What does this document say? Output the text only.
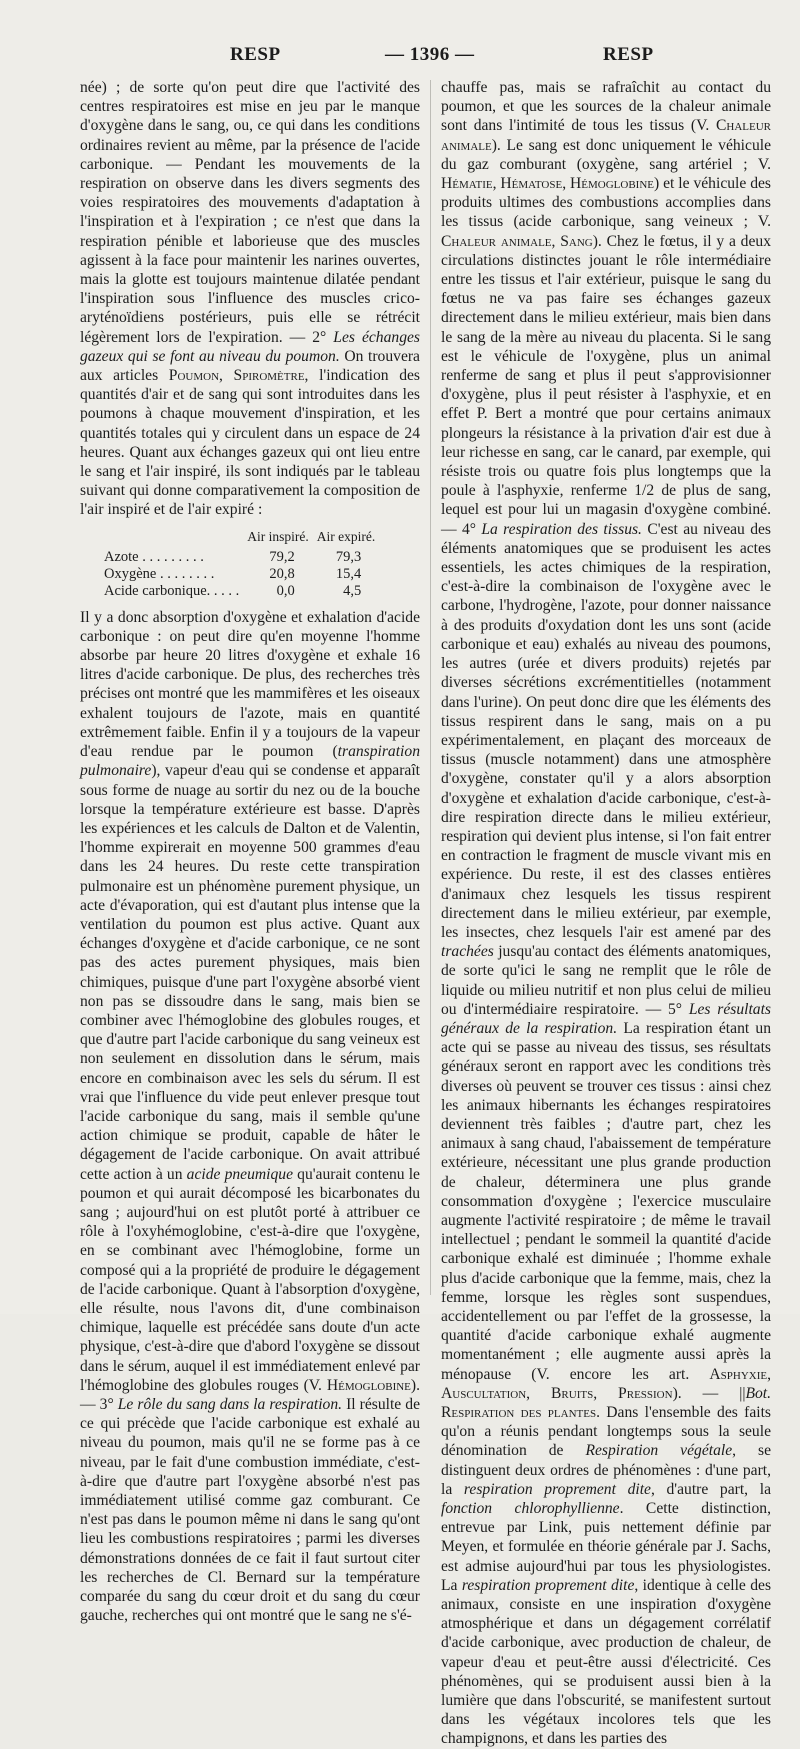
RESP	— 1396 —	RESP

née) ; de sorte qu'on peut dire que l'activité des centres respiratoires est mise en jeu par le manque d'oxygène dans le sang, ou, ce qui dans les conditions ordinaires revient au même, par la présence de l'acide carbonique. — Pendant les mouvements de la respiration on observe dans les divers segments des voies respiratoires des mouvements d'adaptation à l'inspiration et à l'expiration ; ce n'est que dans la respiration pénible et laborieuse que des muscles agissent à la face pour maintenir les narines ouvertes, mais la glotte est toujours maintenue dilatée pendant l'inspiration sous l'influence des muscles crico-aryténoïdiens postérieurs, puis elle se rétrécit légèrement lors de l'expiration. — 2° Les échanges gazeux qui se font au niveau du poumon. On trouvera aux articles Poumon, Spiromètre, l'indication des quantités d'air et de sang qui sont introduites dans les poumons à chaque mouvement d'inspiration, et les quantités totales qui y circulent dans un espace de 24 heures. Quant aux échanges gazeux qui ont lieu entre le sang et l'air inspiré, ils sont indiqués par le tableau suivant qui donne comparativement la composition de l'air inspiré et de l'air expiré :

	Air inspiré.	Air expiré.
Azote . . . . . . . . .	79,2	79,3
Oxygène . . . . . . . .	20,8	15,4
Acide carbonique. . . . .	0,0	4,5

Il y a donc absorption d'oxygène et exhalation d'acide carbonique : on peut dire qu'en moyenne l'homme absorbe par heure 20 litres d'oxygène et exhale 16 litres d'acide carbonique. De plus, des recherches très précises ont montré que les mammifères et les oiseaux exhalent toujours de l'azote, mais en quantité extrêmement faible. Enfin il y a toujours de la vapeur d'eau rendue par le poumon (transpiration pulmonaire), vapeur d'eau qui se condense et apparaît sous forme de nuage au sortir du nez ou de la bouche lorsque la température extérieure est basse. D'après les expériences et les calculs de Dalton et de Valentin, l'homme expirerait en moyenne 500 grammes d'eau dans les 24 heures. Du reste cette transpiration pulmonaire est un phénomène purement physique, un acte d'évaporation, qui est d'autant plus intense que la ventilation du poumon est plus active. Quant aux échanges d'oxygène et d'acide carbonique, ce ne sont pas des actes purement physiques, mais bien chimiques, puisque d'une part l'oxygène absorbé vient non pas se dissoudre dans le sang, mais bien se combiner avec l'hémoglobine des globules rouges, et que d'autre part l'acide carbonique du sang veineux est non seulement en dissolution dans le sérum, mais encore en combinaison avec les sels du sérum. Il est vrai que l'influence du vide peut enlever presque tout l'acide carbonique du sang, mais il semble qu'une action chimique se produit, capable de hâter le dégagement de l'acide carbonique. On avait attribué cette action à un acide pneumique qu'aurait contenu le poumon et qui aurait décomposé les bicarbonates du sang ; aujourd'hui on est plutôt porté à attribuer ce rôle à l'oxyhémoglobine, c'est-à-dire que l'oxygène, en se combinant avec l'hémoglobine, forme un composé qui a la propriété de produire le dégagement de l'acide carbonique. Quant à l'absorption d'oxygène, elle résulte, nous l'avons dit, d'une combinaison chimique, laquelle est précédée sans doute d'un acte physique, c'est-à-dire que d'abord l'oxygène se dissout dans le sérum, auquel il est immédiatement enlevé par l'hémoglobine des globules rouges (V. Hémoglobine). — 3° Le rôle du sang dans la respiration. Il résulte de ce qui précède que l'acide carbonique est exhalé au niveau du poumon, mais qu'il ne se forme pas à ce niveau, par le fait d'une combustion immédiate, c'est-à-dire que d'autre part l'oxygène absorbé n'est pas immédiatement utilisé comme gaz comburant. Ce n'est pas dans le poumon même ni dans le sang qu'ont lieu les combustions respiratoires ; parmi les diverses démonstrations données de ce fait il faut surtout citer les recherches de Cl. Bernard sur la température comparée du sang du cœur droit et du sang du cœur gauche, recherches qui ont montré que le sang ne s'é-

chauffe pas, mais se rafraîchit au contact du poumon, et que les sources de la chaleur animale sont dans l'intimité de tous les tissus (V. Chaleur animale). Le sang est donc uniquement le véhicule du gaz comburant (oxygène, sang artériel ; V. Hématie, Hématose, Hémoglobine) et le véhicule des produits ultimes des combustions accomplies dans les tissus (acide carbonique, sang veineux ; V. Chaleur animale, Sang). Chez le fœtus, il y a deux circulations distinctes jouant le rôle intermédiaire entre les tissus et l'air extérieur, puisque le sang du fœtus ne va pas faire ses échanges gazeux directement dans le milieu extérieur, mais bien dans le sang de la mère au niveau du placenta. Si le sang est le véhicule de l'oxygène, plus un animal renferme de sang et plus il peut s'approvisionner d'oxygène, plus il peut résister à l'asphyxie, et en effet P. Bert a montré que pour certains animaux plongeurs la résistance à la privation d'air est due à leur richesse en sang, car le canard, par exemple, qui résiste trois ou quatre fois plus longtemps que la poule à l'asphyxie, renferme 1/2 de plus de sang, lequel est pour lui un magasin d'oxygène combiné. — 4° La respiration des tissus. C'est au niveau des éléments anatomiques que se produisent les actes essentiels, les actes chimiques de la respiration, c'est-à-dire la combinaison de l'oxygène avec le carbone, l'hydrogène, l'azote, pour donner naissance à des produits d'oxydation dont les uns sont (acide carbonique et eau) exhalés au niveau des poumons, les autres (urée et divers produits) rejetés par diverses sécrétions excrémentitielles (notamment dans l'urine). On peut donc dire que les éléments des tissus respirent dans le sang, mais on a pu expérimentalement, en plaçant des morceaux de tissus (muscle notamment) dans une atmosphère d'oxygène, constater qu'il y a alors absorption d'oxygène et exhalation d'acide carbonique, c'est-à-dire respiration directe dans le milieu extérieur, respiration qui devient plus intense, si l'on fait entrer en contraction le fragment de muscle vivant mis en expérience. Du reste, il est des classes entières d'animaux chez lesquels les tissus respirent directement dans le milieu extérieur, par exemple, les insectes, chez lesquels l'air est amené par des trachées jusqu'au contact des éléments anatomiques, de sorte qu'ici le sang ne remplit que le rôle de liquide ou milieu nutritif et non plus celui de milieu ou d'intermédiaire respiratoire. — 5° Les résultats généraux de la respiration. La respiration étant un acte qui se passe au niveau des tissus, ses résultats généraux seront en rapport avec les conditions très diverses où peuvent se trouver ces tissus : ainsi chez les animaux hibernants les échanges respiratoires deviennent très faibles ; d'autre part, chez les animaux à sang chaud, l'abaissement de température extérieure, nécessitant une plus grande production de chaleur, déterminera une plus grande consommation d'oxygène ; l'exercice musculaire augmente l'activité respiratoire ; de même le travail intellectuel ; pendant le sommeil la quantité d'acide carbonique exhalé est diminuée ; l'homme exhale plus d'acide carbonique que la femme, mais, chez la femme, lorsque les règles sont suspendues, accidentellement ou par l'effet de la grossesse, la quantité d'acide carbonique exhalé augmente momentanément ; elle augmente aussi après la ménopause (V. encore les art. Asphyxie, Auscultation, Bruits, Pression). — ||Bot. Respiration des plantes. Dans l'ensemble des faits qu'on a réunis pendant longtemps sous la seule dénomination de Respiration végétale, se distinguent deux ordres de phénomènes : d'une part, la respiration proprement dite, d'autre part, la fonction chlorophyllienne. Cette distinction, entrevue par Link, puis nettement définie par Meyen, et formulée en théorie générale par J. Sachs, est admise aujourd'hui par tous les physiologistes. La respiration proprement dite, identique à celle des animaux, consiste en une inspiration d'oxygène atmosphérique et dans un dégagement corrélatif d'acide carbonique, avec production de chaleur, de vapeur d'eau et peut-être aussi d'électricité. Ces phénomènes, qui se produisent aussi bien à la lumière que dans l'obscurité, se manifestent surtout dans les végétaux incolores tels que les champignons, et dans les parties des
